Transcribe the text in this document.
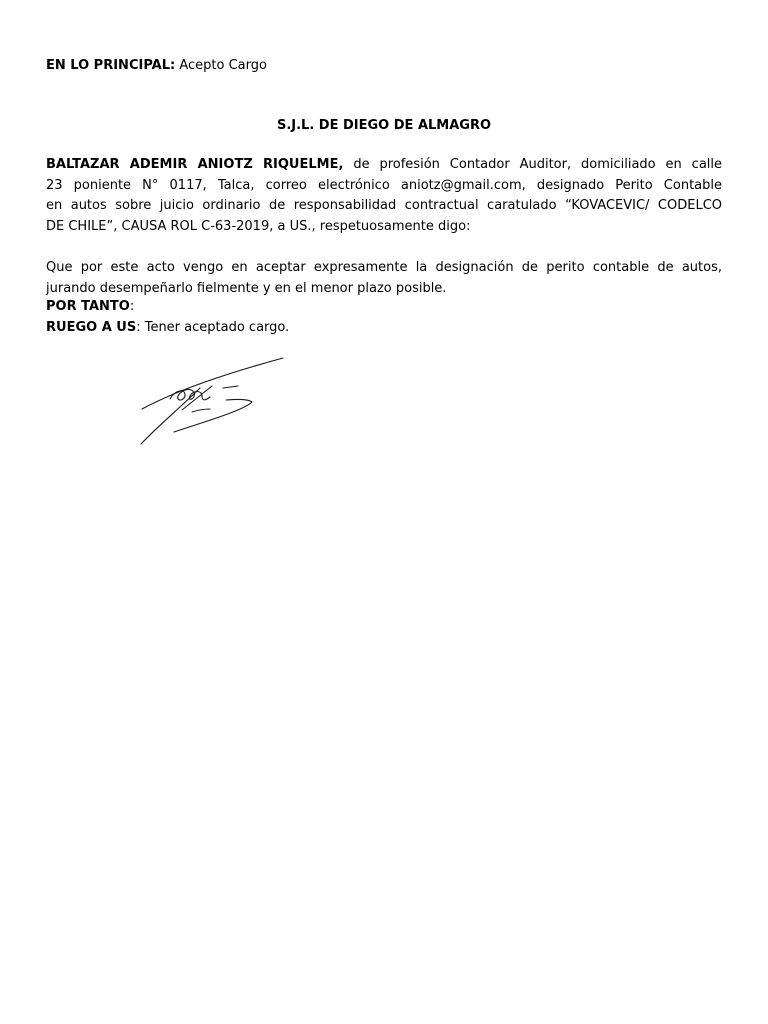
EN LO PRINCIPAL: Acepto Cargo
S.J.L. DE DIEGO DE ALMAGRO
BALTAZAR ADEMIR ANIOTZ RIQUELME, de profesión Contador Auditor, domiciliado en calle
23 poniente N° 0117, Talca, correo electrónico aniotz@gmail.com, designado Perito Contable
en autos sobre juicio ordinario de responsabilidad contractual caratulado “KOVACEVIC/ CODELCO
DE CHILE”, CAUSA ROL C-63-2019, a US., respetuosamente digo:
Que por este acto vengo en aceptar expresamente la designación de perito contable de autos,
jurando desempeñarlo fielmente y en el menor plazo posible.
POR TANTO:
RUEGO A US: Tener aceptado cargo.
